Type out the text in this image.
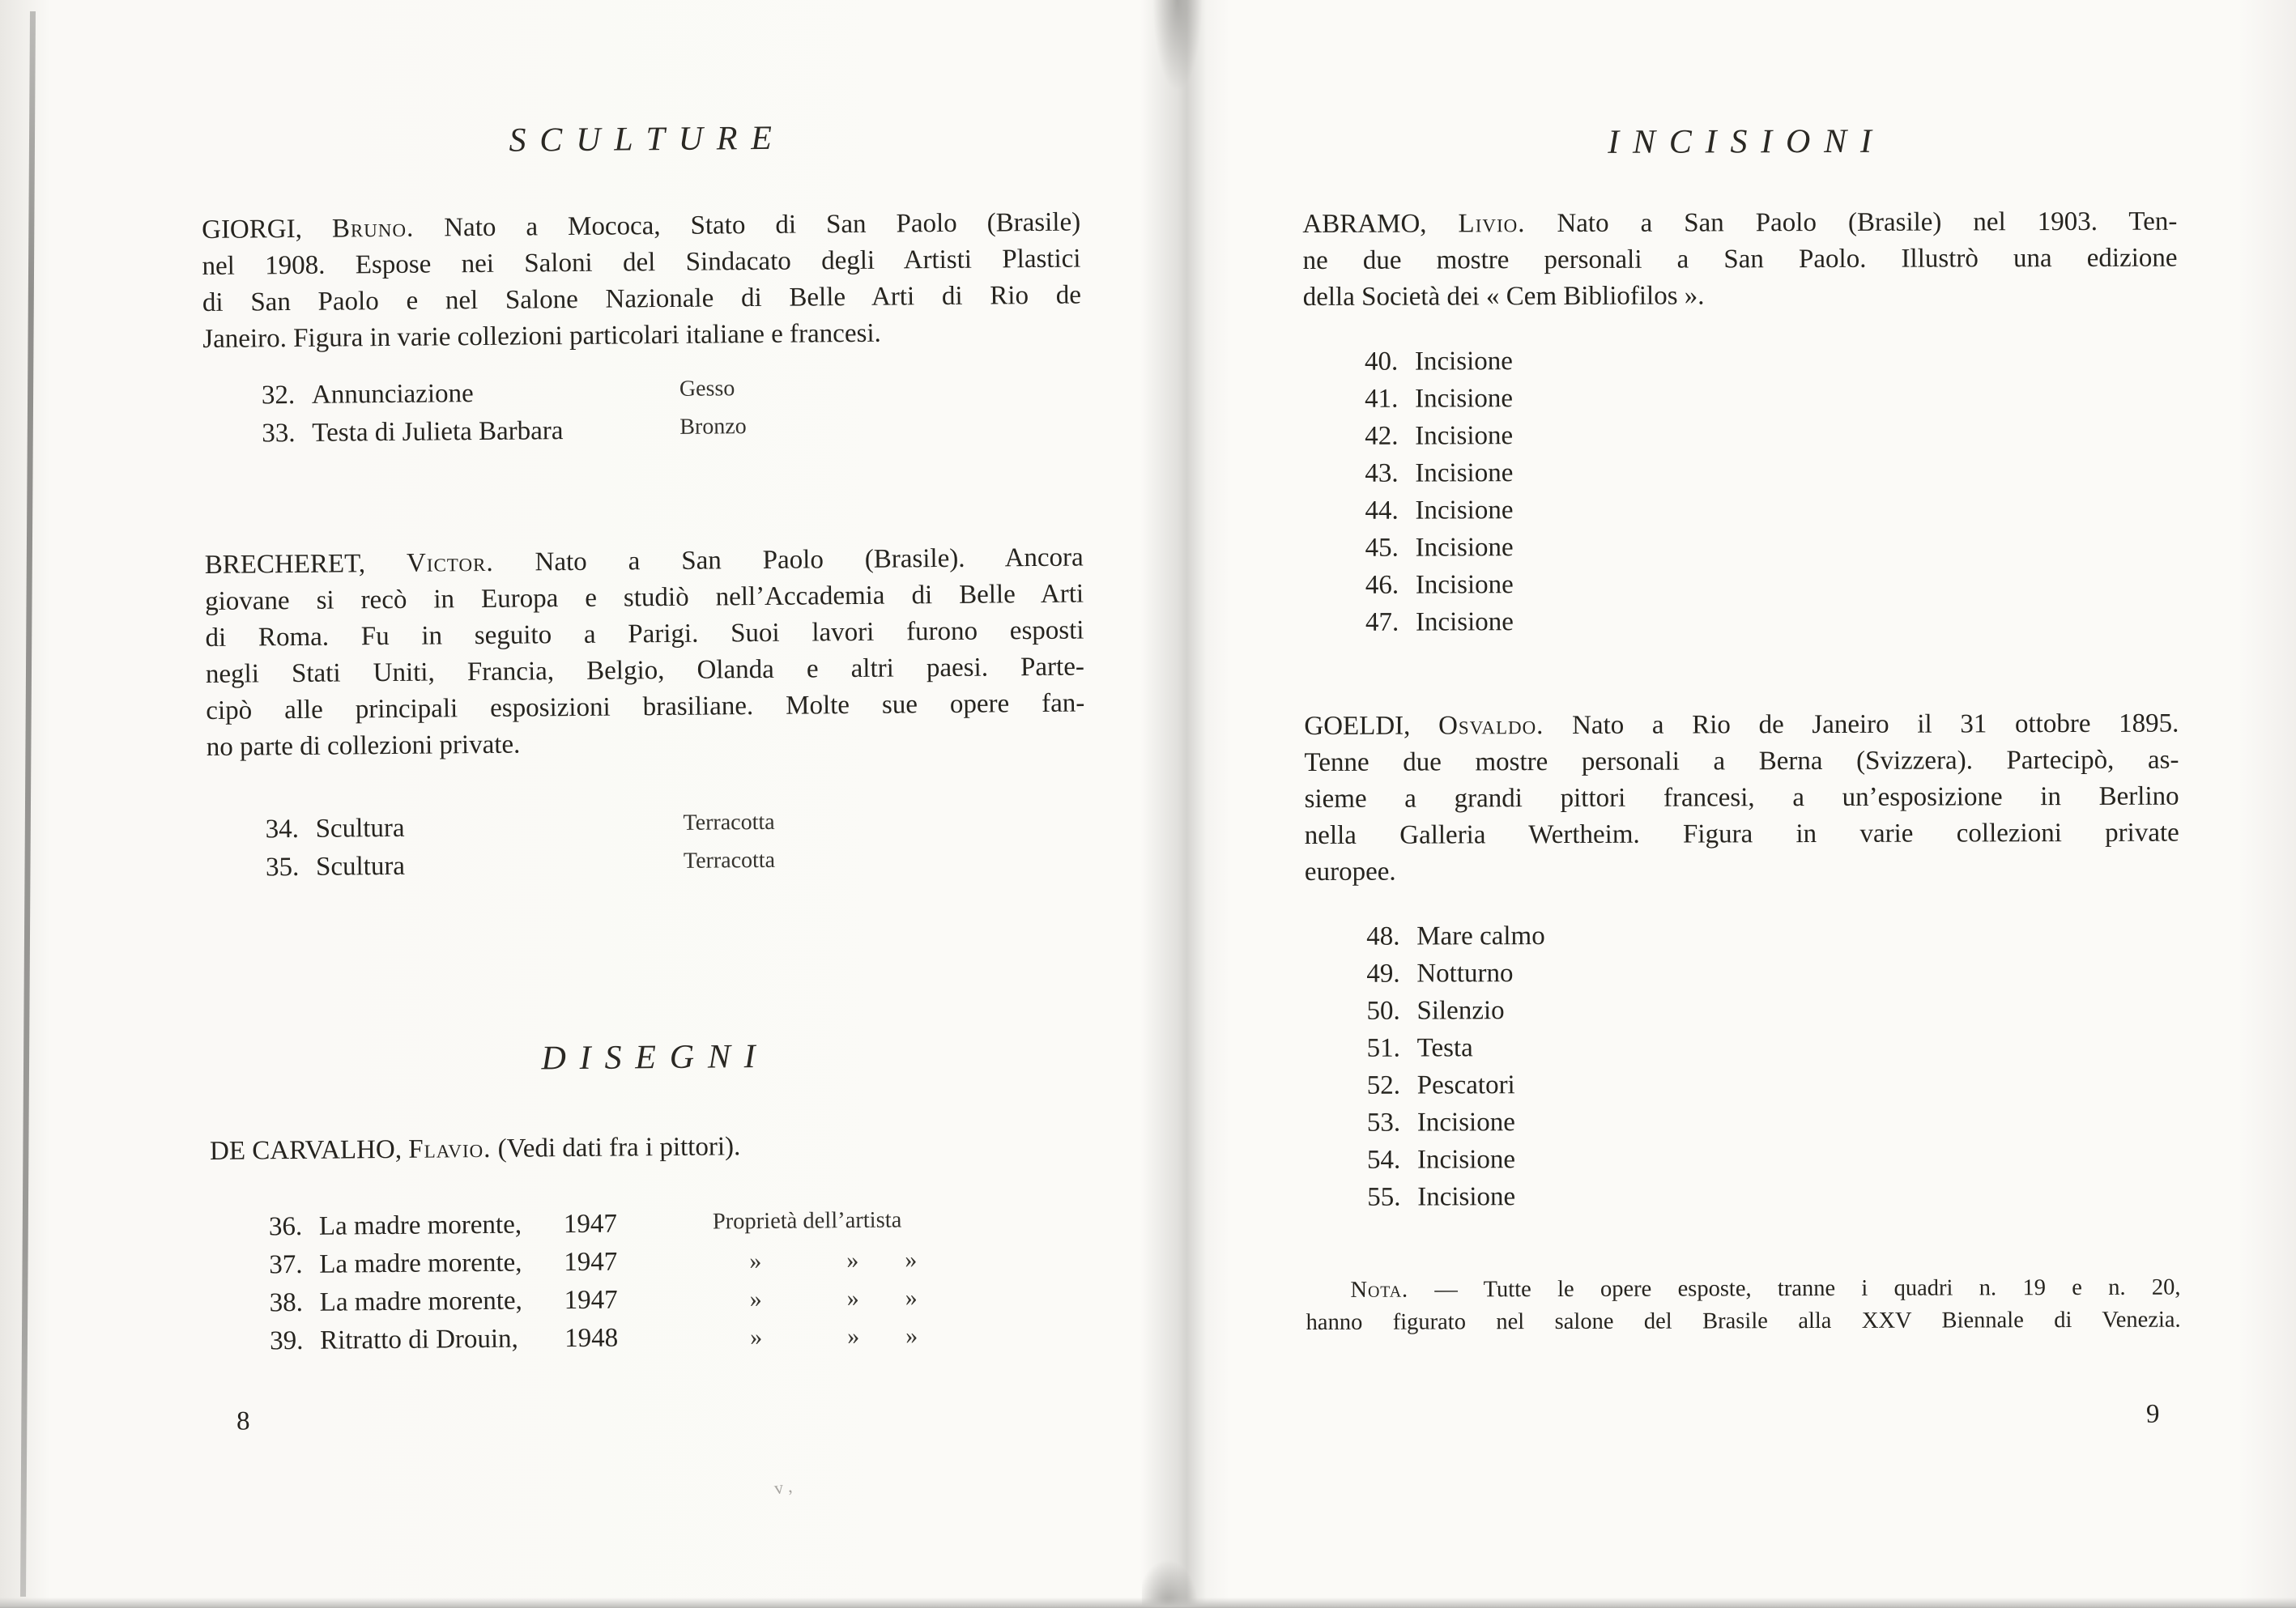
SCULTURE
GIORGI, Bruno. Nato a Mococa, Stato di San Paolo (Brasile)
nel 1908. Espose nei Saloni del Sindacato degli Artisti Plastici
di San Paolo e nel Salone Nazionale di Belle Arti di Rio de
Janeiro. Figura in varie collezioni particolari italiane e francesi.
32. Annunciazione	Gesso
33. Testa di Julieta Barbara	Bronzo
BRECHERET, Victor. Nato a San Paolo (Brasile). Ancora
giovane si recò in Europa e studiò nell’Accademia di Belle Arti
di Roma. Fu in seguito a Parigi. Suoi lavori furono esposti
negli Stati Uniti, Francia, Belgio, Olanda e altri paesi. Parte-
cipò alle principali esposizioni brasiliane. Molte sue opere fan-
no parte di collezioni private.
34. Scultura	Terracotta
35. Scultura	Terracotta
DISEGNI
DE CARVALHO, Flavio. (Vedi dati fra i pittori).
36. La madre morente, 1947	Proprietà dell’artista
37. La madre morente, 1947	»	» »
38. La madre morente, 1947	»	» »
39. Ritratto di Drouin, 1948	»	» »
8
INCISIONI
ABRAMO, Livio. Nato a San Paolo (Brasile) nel 1903. Ten-
ne due mostre personali a San Paolo. Illustrò una edizione
della Società dei « Cem Bibliofilos ».
40. Incisione
41. Incisione
42. Incisione
43. Incisione
44. Incisione
45. Incisione
46. Incisione
47. Incisione
GOELDI, Osvaldo. Nato a Rio de Janeiro il 31 ottobre 1895.
Tenne due mostre personali a Berna (Svizzera). Partecipò, as-
sieme a grandi pittori francesi, a un’esposizione in Berlino
nella Galleria Wertheim. Figura in varie collezioni private
europee.
48. Mare calmo
49. Notturno
50. Silenzio
51. Testa
52. Pescatori
53. Incisione
54. Incisione
55. Incisione
Nota. — Tutte le opere esposte, tranne i quadri n. 19 e n. 20,
hanno figurato nel salone del Brasile alla XXV Biennale di Venezia.
9
v ,
